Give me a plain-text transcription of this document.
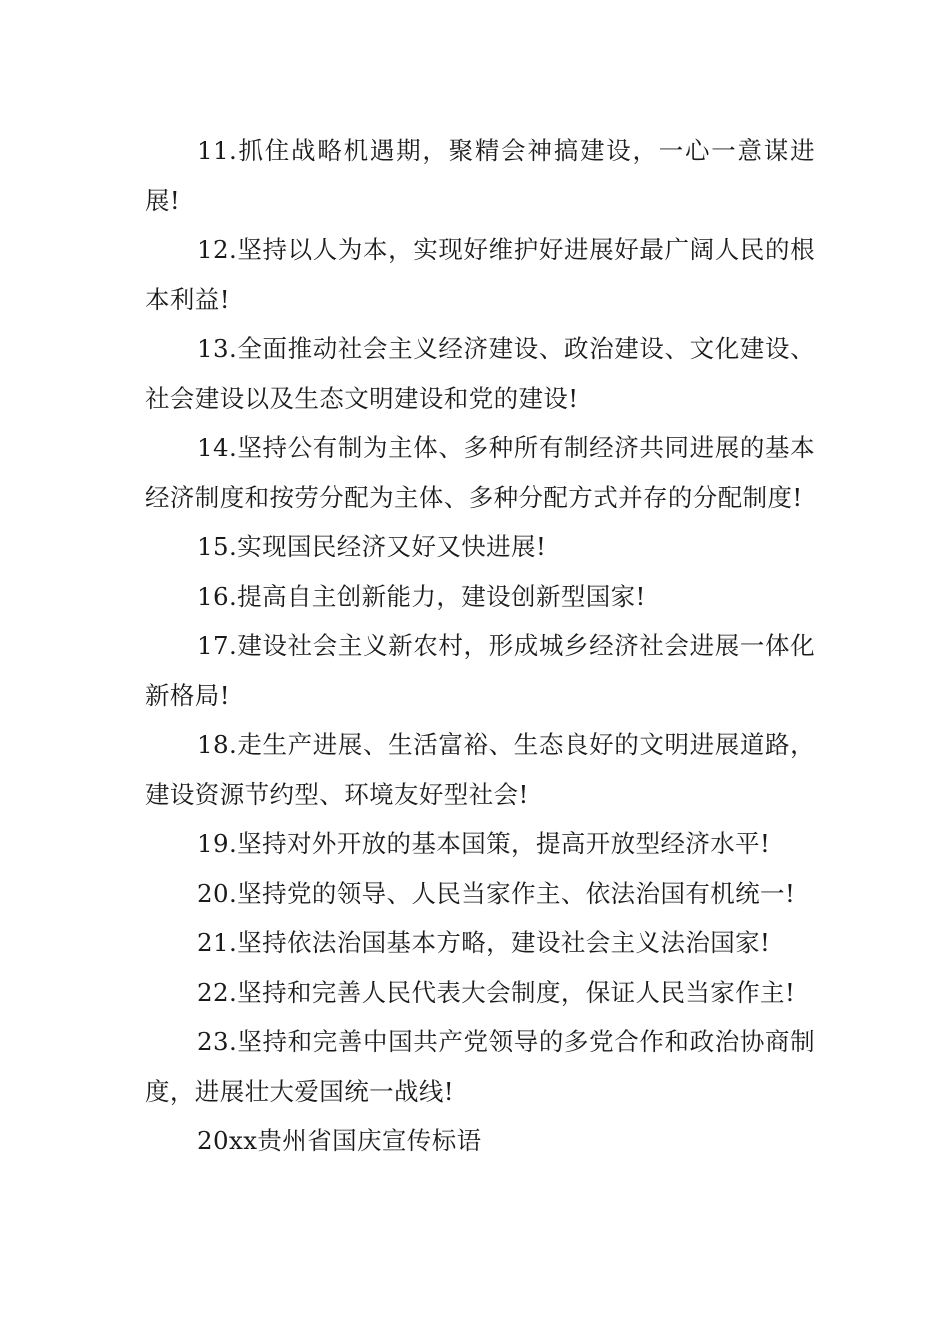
11.抓住战略机遇期，聚精会神搞建设，一心一意谋进展!

12.坚持以人为本，实现好维护好进展好最广阔人民的根本利益!

13.全面推动社会主义经济建设、政治建设、文化建设、社会建设以及生态文明建设和党的建设!

14.坚持公有制为主体、多种所有制经济共同进展的基本经济制度和按劳分配为主体、多种分配方式并存的分配制度!

15.实现国民经济又好又快进展!

16.提高自主创新能力，建设创新型国家!

17.建设社会主义新农村，形成城乡经济社会进展一体化新格局!

18.走生产进展、生活富裕、生态良好的文明进展道路，建设资源节约型、环境友好型社会!

19.坚持对外开放的基本国策，提高开放型经济水平!

20.坚持党的领导、人民当家作主、依法治国有机统一!

21.坚持依法治国基本方略，建设社会主义法治国家!

22.坚持和完善人民代表大会制度，保证人民当家作主!

23.坚持和完善中国共产党领导的多党合作和政治协商制度，进展壮大爱国统一战线!

20xx贵州省国庆宣传标语
